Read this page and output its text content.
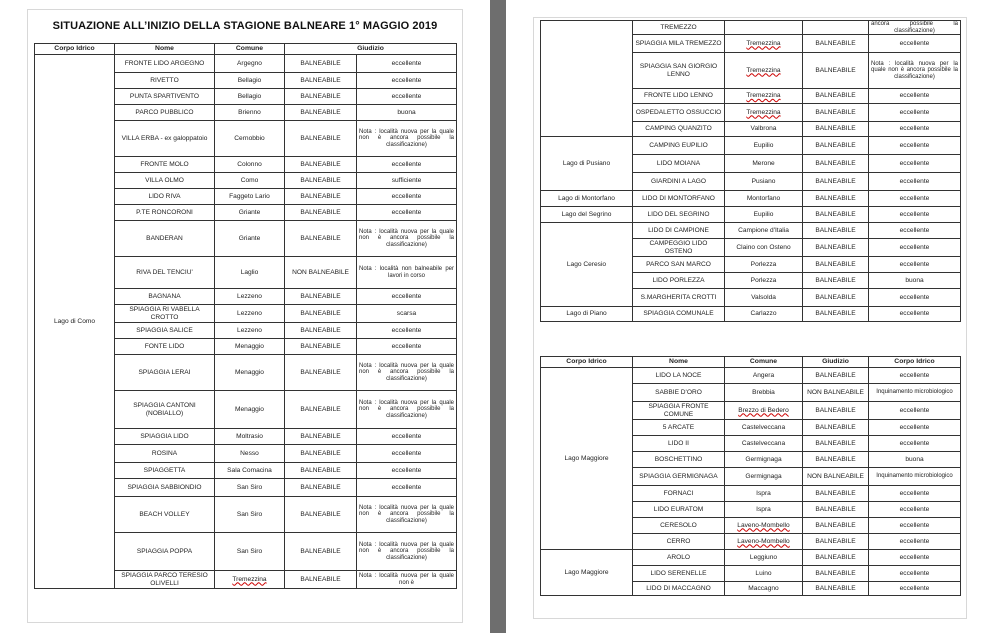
SITUAZIONE ALL’INIZIO DELLA STAGIONE BALNEARE 1° MAGGIO 2019
Corpo Idrico	Nome	Comune	Giudizio	
Lago di Como	FRONTE LIDO ARGEGNO	Argegno	BALNEABILE	eccellente
	RIVETTO	Bellagio	BALNEABILE	eccellente
	PUNTA SPARTIVENTO	Bellagio	BALNEABILE	eccellente
	PARCO PUBBLICO	Brienno	BALNEABILE	buona
	VILLA ERBA - ex galoppatoio	Cernobbio	BALNEABILE	Nota : località nuova per la quale non è ancora possibile la classificazione)
	FRONTE MOLO	Colonno	BALNEABILE	eccellente
	VILLA OLMO	Como	BALNEABILE	sufficiente
	LIDO RIVA	Faggeto Lario	BALNEABILE	eccellente
	P.TE RONCORONI	Griante	BALNEABILE	eccellente
	BANDERAN	Griante	BALNEABILE	Nota : località nuova per la quale non è ancora possibile la classificazione)
	RIVA DEL TENCIU'	Laglio	NON BALNEABILE	Nota : località non balneabile per lavori in corso
	BAGNANA	Lezzeno	BALNEABILE	eccellente
	SPIAGGIA RI VABELLA CROTTO	Lezzeno	BALNEABILE	scarsa
	SPIAGGIA SALICE	Lezzeno	BALNEABILE	eccellente
	FONTE LIDO	Menaggio	BALNEABILE	eccellente
	SPIAGGIA LERAI	Menaggio	BALNEABILE	Nota : località nuova per la quale non è ancora possibile la classificazione)
	SPIAGGIA CANTONI (NOBIALLO)	Menaggio	BALNEABILE	Nota : località nuova per la quale non è ancora possibile la classificazione)
	SPIAGGIA LIDO	Moltrasio	BALNEABILE	eccellente
	ROSINA	Nesso	BALNEABILE	eccellente
	SPIAGGETTA	Sala Comacina	BALNEABILE	eccellente
	SPIAGGIA SABBIONDIO	San Siro	BALNEABILE	eccellente
	BEACH VOLLEY	San Siro	BALNEABILE	Nota : località nuova per la quale non è ancora possibile la classificazione)
	SPIAGGIA POPPA	San Siro	BALNEABILE	Nota : località nuova per la quale non è ancora possibile la classificazione)
	SPIAGGIA PARCO TERESIO OLIVELLI	Tremezzina	BALNEABILE	Nota : località nuova per la quale non è
	TREMEZZO			ancora possibile la classificazione)
	SPIAGGIA MILA TREMEZZO	Tremezzina	BALNEABILE	eccellente
	SPIAGGIA SAN GIORGIO LENNO	Tremezzina	BALNEABILE	Nota : località nuova per la quale non è ancora possibile la classificazione)
	FRONTE LIDO LENNO	Tremezzina	BALNEABILE	eccellente
	OSPEDALETTO OSSUCCIO	Tremezzina	BALNEABILE	eccellente
	CAMPING QUANZITO	Valbrona	BALNEABILE	eccellente
Lago di Pusiano	CAMPING EUPILIO	Eupilio	BALNEABILE	eccellente
	LIDO MOIANA	Merone	BALNEABILE	eccellente
	GIARDINI A LAGO	Pusiano	BALNEABILE	eccellente
Lago di Montorfano	LIDO DI MONTORFANO	Montorfano	BALNEABILE	eccellente
Lago del Segrino	LIDO DEL SEGRINO	Eupilio	BALNEABILE	eccellente
Lago Ceresio	LIDO DI CAMPIONE	Campione d'Italia	BALNEABILE	eccellente
	CAMPEGGIO LIDO OSTENO	Claino con Osteno	BALNEABILE	eccellente
	PARCO SAN MARCO	Porlezza	BALNEABILE	eccellente
	LIDO PORLEZZA	Porlezza	BALNEABILE	buona
	S.MARGHERITA CROTTI	Valsolda	BALNEABILE	eccellente
Lago di Piano	SPIAGGIA COMUNALE	Carlazzo	BALNEABILE	eccellente
Corpo Idrico	Nome	Comune	Giudizio	Corpo Idrico
Lago Maggiore	LIDO LA NOCE	Angera	BALNEABILE	eccellente
	SABBIE D'ORO	Brebbia	NON BALNEABILE	Inquinamento microbiologico
	SPIAGGIA FRONTE COMUNE	Brezzo di Bedero	BALNEABILE	eccellente
	5 ARCATE	Castelveccana	BALNEABILE	eccellente
	LIDO II	Castelveccana	BALNEABILE	eccellente
	BOSCHETTINO	Germignaga	BALNEABILE	buona
	SPIAGGIA GERMIGNAGA	Germignaga	NON BALNEABILE	Inquinamento microbiologico
	FORNACI	Ispra	BALNEABILE	eccellente
	LIDO EURATOM	Ispra	BALNEABILE	eccellente
	CERESOLO	Laveno-Mombello	BALNEABILE	eccellente
	CERRO	Laveno-Mombello	BALNEABILE	eccellente
Lago Maggiore	AROLO	Leggiuno	BALNEABILE	eccellente
	LIDO SERENELLE	Luino	BALNEABILE	eccellente
	LIDO DI MACCAGNO	Maccagno	BALNEABILE	eccellente
